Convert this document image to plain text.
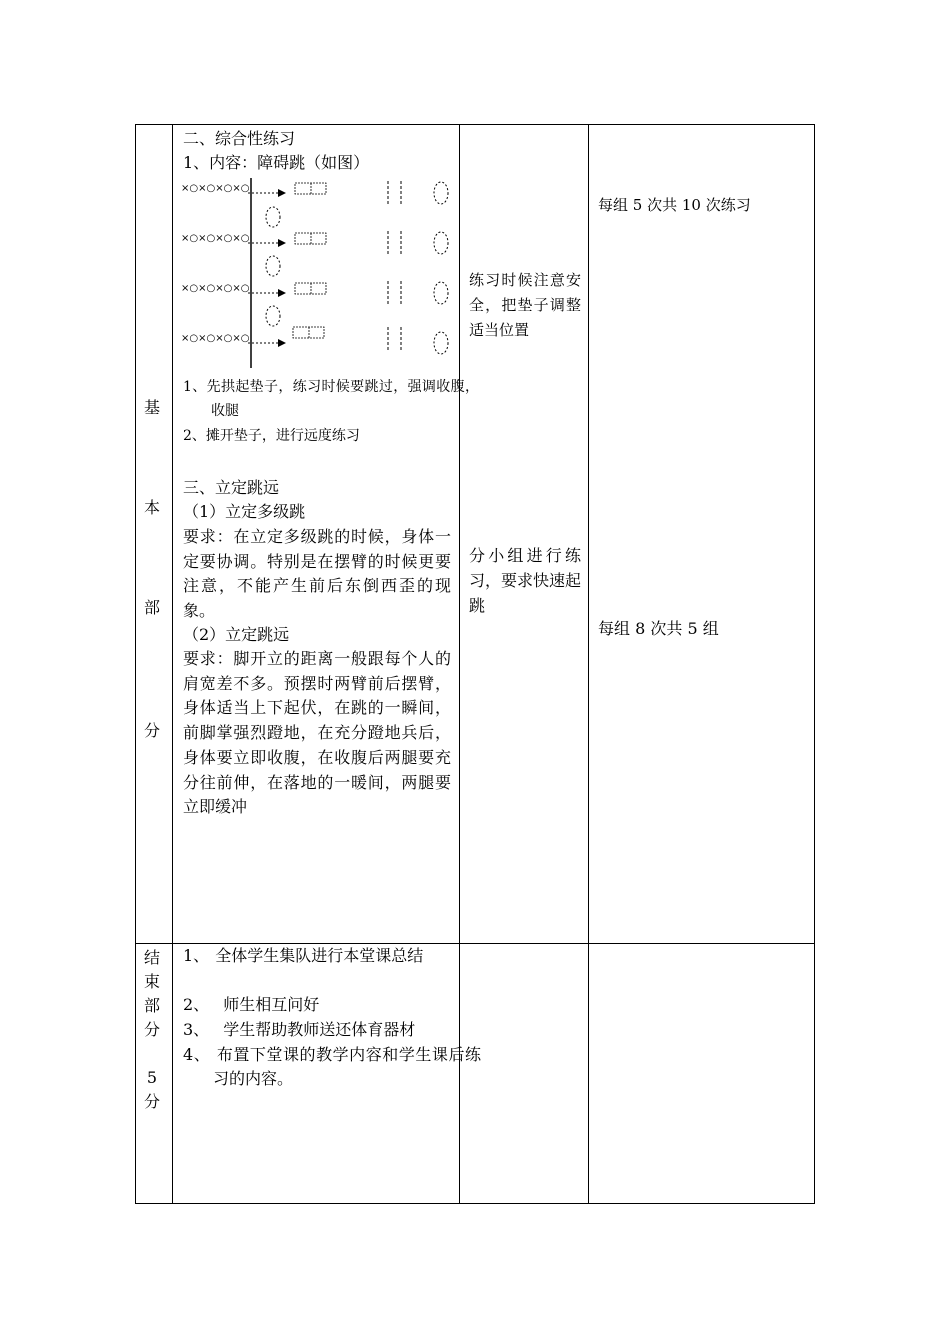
基
本
部
分
二、综合性练习
1、内容：障碍跳（如图）
×○×○×○×○
×○×○×○×○
×○×○×○×○
×○×○×○×○
1、先拱起垫子，练习时候要跳过，强调收腹，收腿
2、摊开垫子，进行远度练习
三、立定跳远
（1）立定多级跳
要求：在立定多级跳的时候，身体一定要协调。特别是在摆臂的时候更要注意，不能产生前后东倒西歪的现象。
（2）立定跳远
要求：脚开立的距离一般跟每个人的肩宽差不多。预摆时两臂前后摆臂，身体适当上下起伏，在跳的一瞬间，前脚掌强烈蹬地，在充分蹬地兵后，身体要立即收腹，在收腹后两腿要充分往前伸，在落地的一暖间，两腿要立即缓冲
练习时候注意安全，把垫子调整适当位置
分小组进行练习，要求快速起跳
每组 5 次共 10 次练习
每组 8 次共 5 组
结
束
部
分
5
分
1、 全体学生集队进行本堂课总结
2、 师生相互问好
3、 学生帮助教师送还体育器材
4、 布置下堂课的教学内容和学生课后练习的内容。
